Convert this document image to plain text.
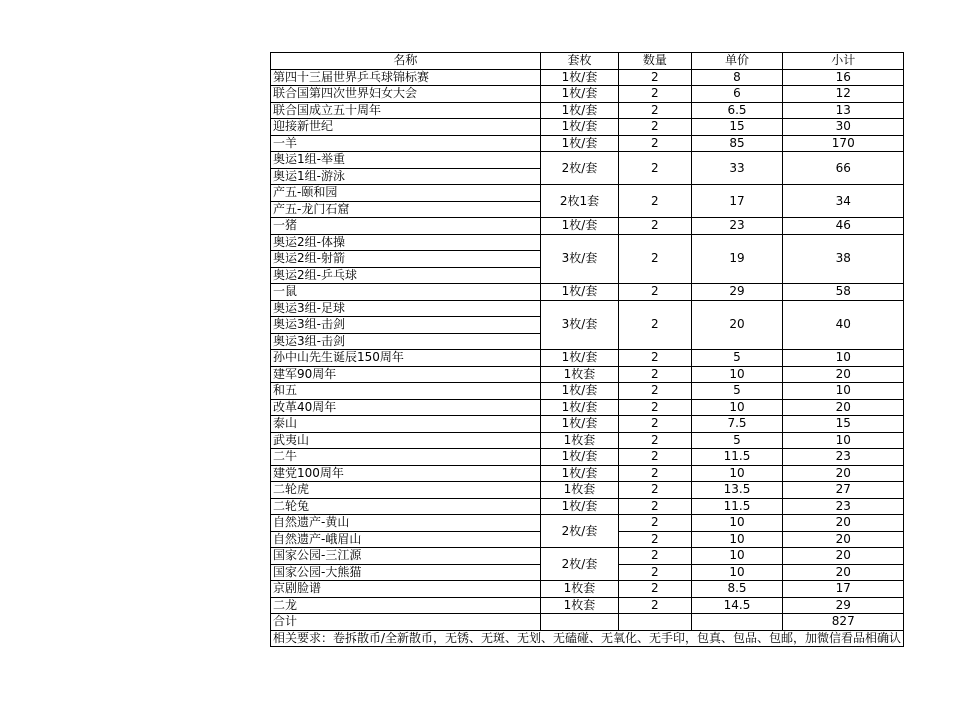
名称	套枚	数量	单价	小计
第四十三届世界乒乓球锦标赛	1枚/套	2	8	16
联合国第四次世界妇女大会	1枚/套	2	6	12
联合国成立五十周年	1枚/套	2	6.5	13
迎接新世纪	1枚/套	2	15	30
一羊	1枚/套	2	85	170
奥运1组-举重	2枚/套	2	33	66
奥运1组-游泳				
产五-颐和园	2枚1套	2	17	34
产五-龙门石窟				
一猪	1枚/套	2	23	46
奥运2组-体操	3枚/套	2	19	38
奥运2组-射箭				
奥运2组-乒乓球				
一鼠	1枚/套	2	29	58
奥运3组-足球	3枚/套	2	20	40
奥运3组-击剑				
奥运3组-击剑				
孙中山先生诞辰150周年	1枚/套	2	5	10
建军90周年	1枚套	2	10	20
和五	1枚/套	2	5	10
改革40周年	1枚/套	2	10	20
泰山	1枚/套	2	7.5	15
武夷山	1枚套	2	5	10
二牛	1枚/套	2	11.5	23
建党100周年	1枚/套	2	10	20
二轮虎	1枚套	2	13.5	27
二轮兔	1枚/套	2	11.5	23
自然遗产-黄山	2枚/套	2	10	20
自然遗产-峨眉山		2	10	20
国家公园-三江源	2枚/套	2	10	20
国家公园-大熊猫		2	10	20
京剧脸谱	1枚套	2	8.5	17
二龙	1枚套	2	14.5	29
合计				827
相关要求：卷拆散币/全新散币，无锈、无斑、无划、无磕碰、无氧化、无手印，包真、包品、包邮，加微信看品相确认				
